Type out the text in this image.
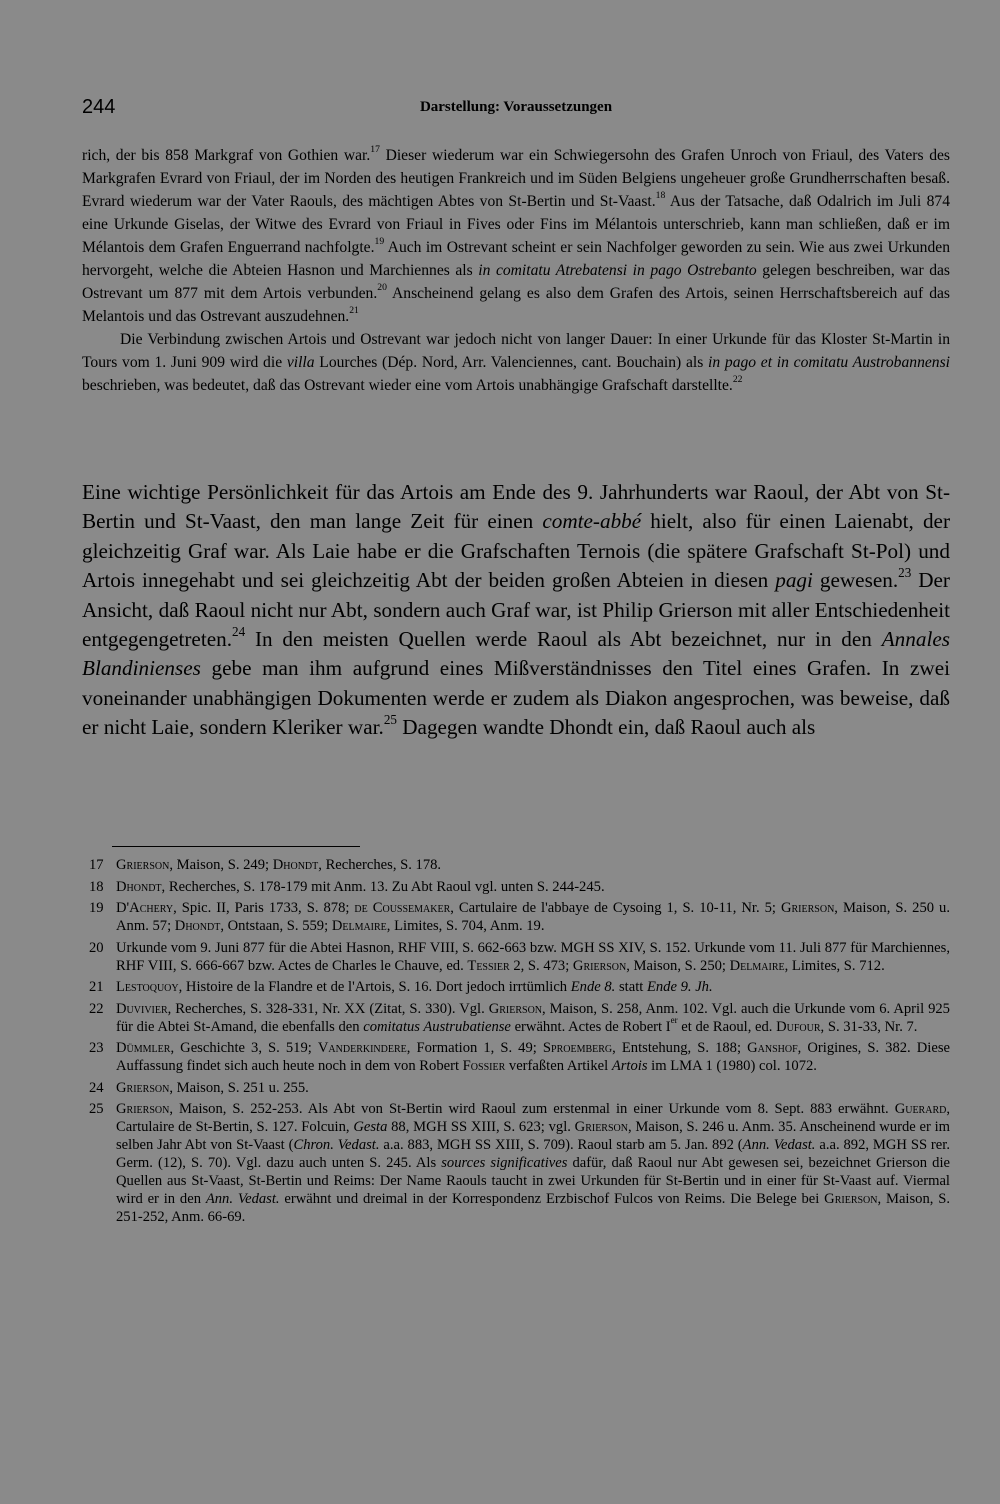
244	Darstellung: Voraussetzungen

rich, der bis 858 Markgraf von Gothien war.$^{17}$ Dieser wiederum war ein Schwiegersohn des Grafen Unroch von Friaul, des Vaters des Markgrafen Evrard von Friaul, der im Norden des heutigen Frankreich und im Süden Belgiens ungeheuer große Grundherrschaften besaß. Evrard wiederum war der Vater Raouls, des mächtigen Abtes von St-Bertin und St-Vaast.$^{18}$ Aus der Tatsache, daß Odalrich im Juli 874 eine Urkunde Giselas, der Witwe des Evrard von Friaul in Fives oder Fins im Mélantois unterschrieb, kann man schließen, daß er im Mélantois dem Grafen Enguerrand nachfolgte.$^{19}$ Auch im Ostrevant scheint er sein Nachfolger geworden zu sein. Wie aus zwei Urkunden hervorgeht, welche die Abteien Hasnon und Marchiennes als in comitatu Atrebatensi in pago Ostrebanto gelegen beschreiben, war das Ostrevant um 877 mit dem Artois verbunden.$^{20}$ Anscheinend gelang es also dem Grafen des Artois, seinen Herrschaftsbereich auf das Melantois und das Ostrevant auszudehnen.$^{21}$

Die Verbindung zwischen Artois und Ostrevant war jedoch nicht von langer Dauer: In einer Urkunde für das Kloster St-Martin in Tours vom 1. Juni 909 wird die villa Lourches (Dép. Nord, Arr. Valenciennes, cant. Bouchain) als in pago et in comitatu Austrobannensi beschrieben, was bedeutet, daß das Ostrevant wieder eine vom Artois unabhängige Grafschaft darstellte.$^{22}$

Eine wichtige Persönlichkeit für das Artois am Ende des 9. Jahrhunderts war Raoul, der Abt von St-Bertin und St-Vaast, den man lange Zeit für einen comte-abbé hielt, also für einen Laienabt, der gleichzeitig Graf war. Als Laie habe er die Grafschaften Ternois (die spätere Grafschaft St-Pol) und Artois innegehabt und sei gleichzeitig Abt der beiden großen Abteien in diesen pagi gewesen.$^{23}$ Der Ansicht, daß Raoul nicht nur Abt, sondern auch Graf war, ist Philip Grierson mit aller Entschiedenheit entgegengetreten.$^{24}$ In den meisten Quellen werde Raoul als Abt bezeichnet, nur in den Annales Blandinienses gebe man ihm aufgrund eines Mißverständnisses den Titel eines Grafen. In zwei voneinander unabhängigen Dokumenten werde er zudem als Diakon angesprochen, was beweise, daß er nicht Laie, sondern Kleriker war.$^{25}$ Dagegen wandte Dhondt ein, daß Raoul auch als

17 Grierson, Maison, S. 249; Dhondt, Recherches, S. 178.
18 Dhondt, Recherches, S. 178-179 mit Anm. 13. Zu Abt Raoul vgl. unten S. 244-245.
19 D'Achery, Spic. II, Paris 1733, S. 878; de Coussemaker, Cartulaire de l'abbaye de Cysoing 1, S. 10-11, Nr. 5; Grierson, Maison, S. 250 u. Anm. 57; Dhondt, Ontstaan, S. 559; Delmaire, Limites, S. 704, Anm. 19.
20 Urkunde vom 9. Juni 877 für die Abtei Hasnon, RHF VIII, S. 662-663 bzw. MGH SS XIV, S. 152. Urkunde vom 11. Juli 877 für Marchiennes, RHF VIII, S. 666-667 bzw. Actes de Charles le Chauve, ed. Tessier 2, S. 473; Grierson, Maison, S. 250; Delmaire, Limites, S. 712.
21 Lestoquoy, Histoire de la Flandre et de l'Artois, S. 16. Dort jedoch irrtümlich Ende 8. statt Ende 9. Jh.
22 Duvivier, Recherches, S. 328-331, Nr. XX (Zitat, S. 330). Vgl. Grierson, Maison, S. 258, Anm. 102. Vgl. auch die Urkunde vom 6. April 925 für die Abtei St-Amand, die ebenfalls den comitatus Austrubatiense erwähnt. Actes de Robert Ier et de Raoul, ed. Dufour, S. 31-33, Nr. 7.
23 Dümmler, Geschichte 3, S. 519; Vanderkindere, Formation 1, S. 49; Sproemberg, Entstehung, S. 188; Ganshof, Origines, S. 382. Diese Auffassung findet sich auch heute noch in dem von Robert Fossier verfaßten Artikel Artois im LMA 1 (1980) col. 1072.
24 Grierson, Maison, S. 251 u. 255.
25 Grierson, Maison, S. 252-253. Als Abt von St-Bertin wird Raoul zum erstenmal in einer Urkunde vom 8. Sept. 883 erwähnt. Guerard, Cartulaire de St-Bertin, S. 127. Folcuin, Gesta 88, MGH SS XIII, S. 623; vgl. Grierson, Maison, S. 246 u. Anm. 35. Anscheinend wurde er im selben Jahr Abt von St-Vaast (Chron. Vedast. a.a. 883, MGH SS XIII, S. 709). Raoul starb am 5. Jan. 892 (Ann. Vedast. a.a. 892, MGH SS rer. Germ. (12), S. 70). Vgl. dazu auch unten S. 245. Als sources significatives dafür, daß Raoul nur Abt gewesen sei, bezeichnet Grierson die Quellen aus St-Vaast, St-Bertin und Reims: Der Name Raouls taucht in zwei Urkunden für St-Bertin und in einer für St-Vaast auf. Viermal wird er in den Ann. Vedast. erwähnt und dreimal in der Korrespondenz Erzbischof Fulcos von Reims. Die Belege bei Grierson, Maison, S. 251-252, Anm. 66-69.
